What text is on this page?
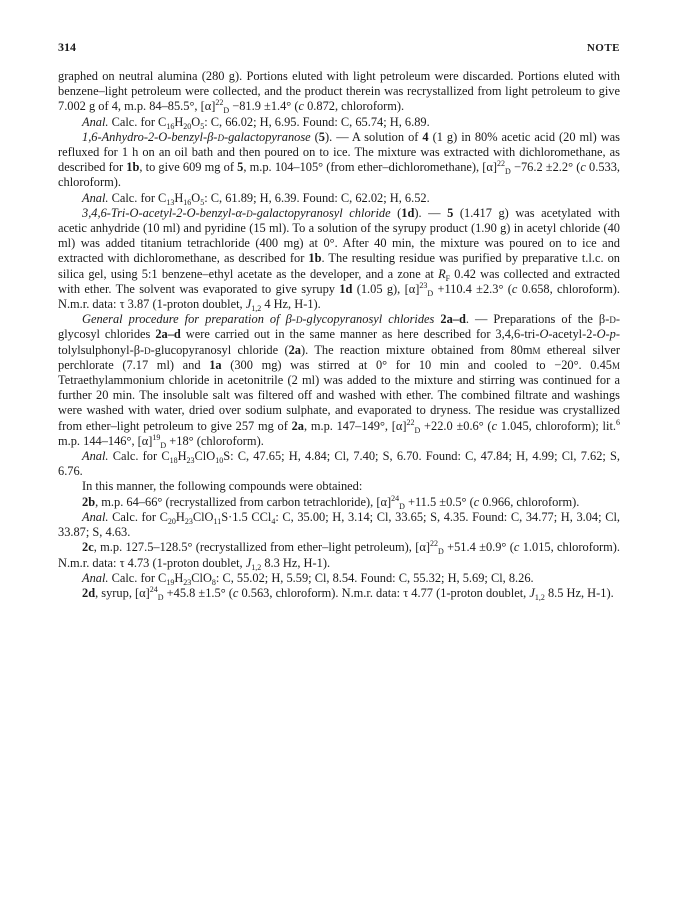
314	NOTE

graphed on neutral alumina (280 g). Portions eluted with light petroleum were discarded. Portions eluted with benzene–light petroleum were collected, and the product therein was recrystallized from light petroleum to give 7.002 g of 4, m.p. 84–85.5°, $[\alpha]^{22}_D -81.9 \pm 1.4^\circ$ (c 0.872, chloroform).

Anal. Calc. for $C_{16}H_{20}O_5$: C, 66.02; H, 6.95. Found: C, 65.74; H, 6.89.

1,6-Anhydro-2-O-benzyl-β-d-galactopyranose (5). — A solution of 4 (1 g) in 80% acetic acid (20 ml) was refluxed for 1 h on an oil bath and then poured on to ice. The mixture was extracted with dichloromethane, as described for 1b, to give 609 mg of 5, m.p. 104–105° (from ether–dichloromethane), $[\alpha]^{22}_D -76.2 \pm 2.2^\circ$ (c 0.533, chloroform).

Anal. Calc. for $C_{13}H_{16}O_5$: C, 61.89; H, 6.39. Found: C, 62.02; H, 6.52.

3,4,6-Tri-O-acetyl-2-O-benzyl-α-d-galactopyranosyl chloride (1d). — 5 (1.417 g) was acetylated with acetic anhydride (10 ml) and pyridine (15 ml). To a solution of the syrupy product (1.90 g) in acetyl chloride (40 ml) was added titanium tetrachloride (400 mg) at 0°. After 40 min, the mixture was poured on to ice and extracted with dichloromethane, as described for 1b. The resulting residue was purified by preparative t.l.c. on silica gel, using 5:1 benzene–ethyl acetate as the developer, and a zone at $R_F$ 0.42 was collected and extracted with ether. The solvent was evaporated to give syrupy 1d (1.05 g), $[\alpha]^{23}_D +110.4 \pm 2.3^\circ$ (c 0.658, chloroform). N.m.r. data: τ 3.87 (1-proton doublet, $J_{1,2}$ 4 Hz, H-1).

General procedure for preparation of β-d-glycopyranosyl chlorides 2a–d. — Preparations of the β-d-glycosyl chlorides 2a–d were carried out in the same manner as here described for 3,4,6-tri-O-acetyl-2-O-p-tolylsulphonyl-β-d-glucopyranosyl chloride (2a). The reaction mixture obtained from 80mm ethereal silver perchlorate (7.17 ml) and 1a (300 mg) was stirred at 0° for 10 min and cooled to −20°. 0.45m Tetraethylammonium chloride in acetonitrile (2 ml) was added to the mixture and stirring was continued for a further 20 min. The insoluble salt was filtered off and washed with ether. The combined filtrate and washings were washed with water, dried over sodium sulphate, and evaporated to dryness. The residue was crystallized from ether–light petroleum to give 257 mg of 2a, m.p. 147–149°, $[\alpha]^{22}_D +22.0 \pm 0.6^\circ$ (c 1.045, chloroform); lit.$^6$ m.p. 144–146°, $[\alpha]^{19}_D +18^\circ$ (chloroform).

Anal. Calc. for $C_{18}H_{23}ClO_{10}S$: C, 47.65; H, 4.84; Cl, 7.40; S, 6.70. Found: C, 47.84; H, 4.99; Cl, 7.62; S, 6.76.

In this manner, the following compounds were obtained:

2b, m.p. 64–66° (recrystallized from carbon tetrachloride), $[\alpha]^{24}_D +11.5 \pm 0.5^\circ$ (c 0.966, chloroform).

Anal. Calc. for $C_{20}H_{23}ClO_{11}S\cdot 1.5$ CCl$_4$: C, 35.00; H, 3.14; Cl, 33.65; S, 4.35. Found: C, 34.77; H, 3.04; Cl, 33.87; S, 4.63.

2c, m.p. 127.5–128.5° (recrystallized from ether–light petroleum), $[\alpha]^{22}_D +51.4 \pm 0.9^\circ$ (c 1.015, chloroform). N.m.r. data: τ 4.73 (1-proton doublet, $J_{1,2}$ 8.3 Hz, H-1).

Anal. Calc. for $C_{19}H_{23}ClO_8$: C, 55.02; H, 5.59; Cl, 8.54. Found: C, 55.32; H, 5.69; Cl, 8.26.

2d, syrup, $[\alpha]^{24}_D +45.8 \pm 1.5^\circ$ (c 0.563, chloroform). N.m.r. data: τ 4.77 (1-proton doublet, $J_{1,2}$ 8.5 Hz, H-1).
